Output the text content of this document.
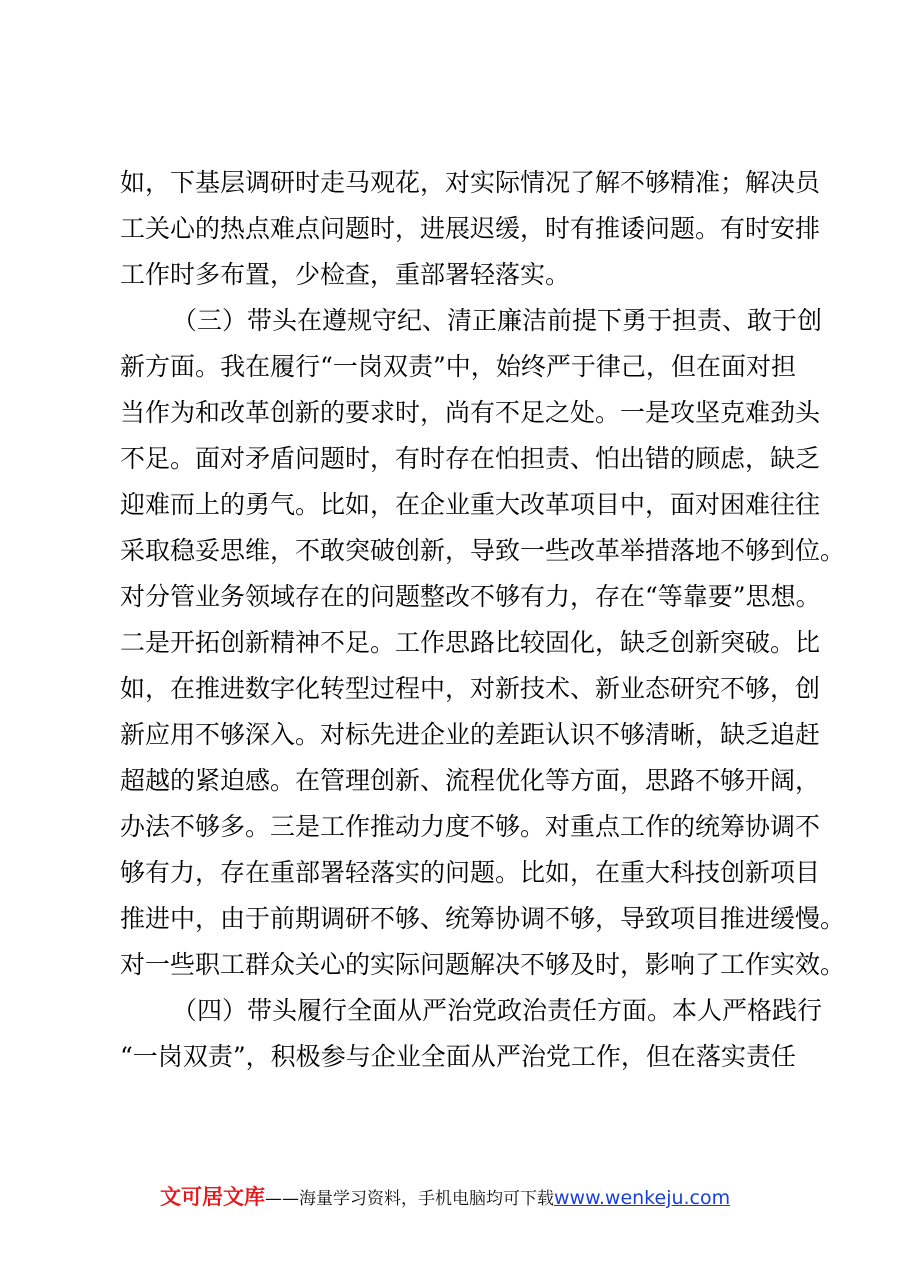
如，下基层调研时走马观花，对实际情况了解不够精准；解决员
工关心的热点难点问题时，进展迟缓，时有推诿问题。有时安排
工作时多布置，少检查，重部署轻落实。
（三）带头在遵规守纪、清正廉洁前提下勇于担责、敢于创
新方面。我在履行“一岗双责”中，始终严于律己，但在面对担
当作为和改革创新的要求时，尚有不足之处。一是攻坚克难劲头
不足。面对矛盾问题时，有时存在怕担责、怕出错的顾虑，缺乏
迎难而上的勇气。比如，在企业重大改革项目中，面对困难往往
采取稳妥思维，不敢突破创新，导致一些改革举措落地不够到位。
对分管业务领域存在的问题整改不够有力，存在“等靠要”思想。
二是开拓创新精神不足。工作思路比较固化，缺乏创新突破。比
如，在推进数字化转型过程中，对新技术、新业态研究不够，创
新应用不够深入。对标先进企业的差距认识不够清晰，缺乏追赶
超越的紧迫感。在管理创新、流程优化等方面，思路不够开阔，
办法不够多。三是工作推动力度不够。对重点工作的统筹协调不
够有力，存在重部署轻落实的问题。比如，在重大科技创新项目
推进中，由于前期调研不够、统筹协调不够，导致项目推进缓慢。
对一些职工群众关心的实际问题解决不够及时，影响了工作实效。
（四）带头履行全面从严治党政治责任方面。本人严格践行
“一岗双责”，积极参与企业全面从严治党工作，但在落实责任
文可居文库——海量学习资料，手机电脑均可下载www.wenkeju.com
